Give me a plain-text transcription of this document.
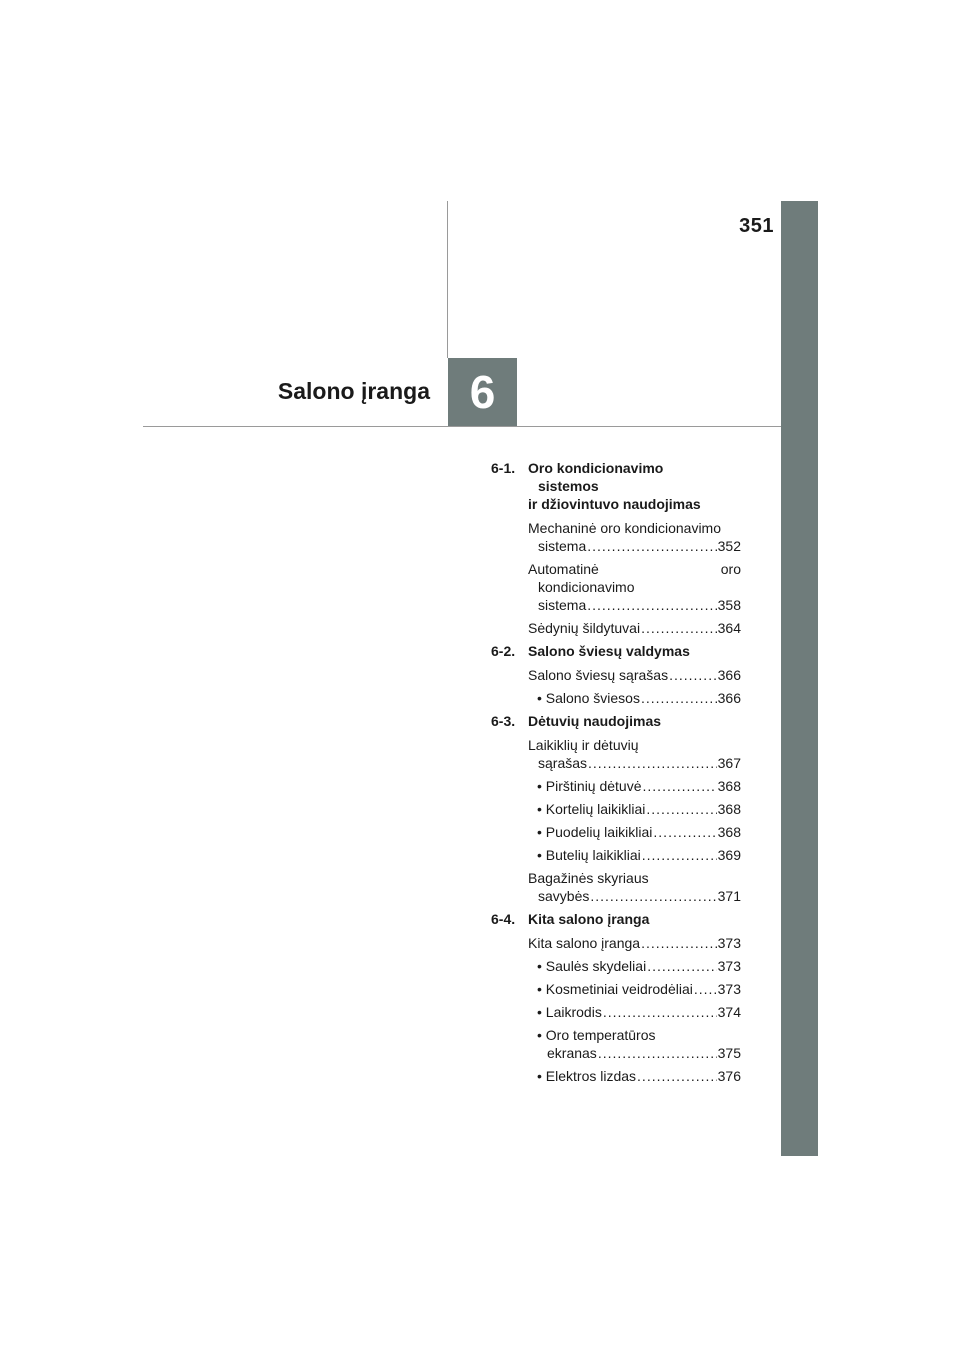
351
Salono įranga 6
6-1. Oro kondicionavimo
sistemos
ir džiovintuvo naudojimas
Mechaninė oro kondicionavimo
sistema .....	352
Automatinė	oro
kondicionavimo
sistema .....	358
Sėdynių šildytuvai .....	364
6-2. Salono šviesų valdymas
Salono šviesų sąrašas .....	366
• Salono šviesos .....	366
6-3. Dėtuvių naudojimas
Laikiklių ir dėtuvių
sąrašas .....	367
• Pirštinių dėtuvė .....	368
• Kortelių laikikliai .....	368
• Puodelių laikikliai .....	368
• Butelių laikikliai .....	369
Bagažinės skyriaus
savybės .....	371
6-4. Kita salono įranga
Kita salono įranga .....	373
• Saulės skydeliai .....	373
• Kosmetiniai veidrodėliai ..... 373
• Laikrodis .....	374
• Oro temperatūros
ekranas .....	375
• Elektros lizdas .....	376
